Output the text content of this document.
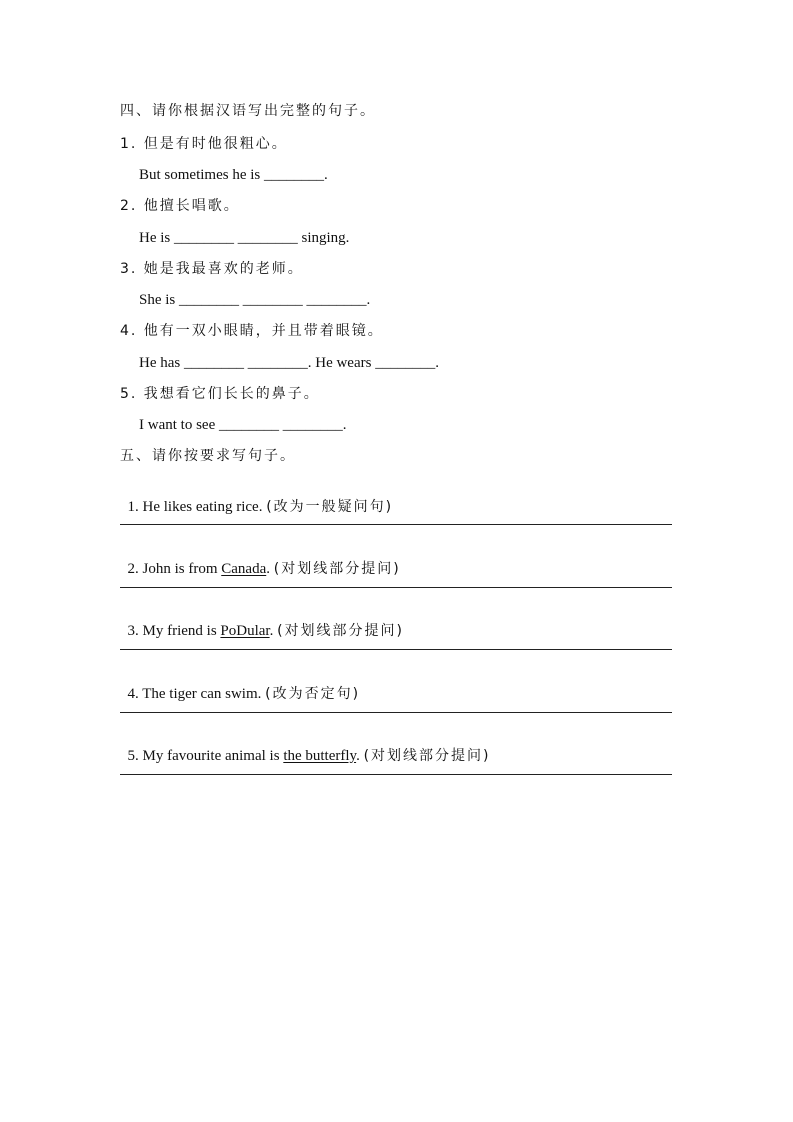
四、请你根据汉语写出完整的句子。
1. 但是有时他很粗心。
But sometimes he is ________.
2. 他擅长唱歌。
He is ________ ________ singing.
3. 她是我最喜欢的老师。
She is ________ ________ ________.
4. 他有一双小眼睛，并且带着眼镜。
He has ________ ________. He wears ________.
5. 我想看它们长长的鼻子。
I want to see ________ ________.
五、请你按要求写句子。

1. He likes eating rice. (改为一般疑问句)

2. John is from Canada. (对划线部分提问)

3. My friend is PoDular. (对划线部分提问)

4. The tiger can swim. (改为否定句)

5. My favourite animal is the butterfly. (对划线部分提问)
